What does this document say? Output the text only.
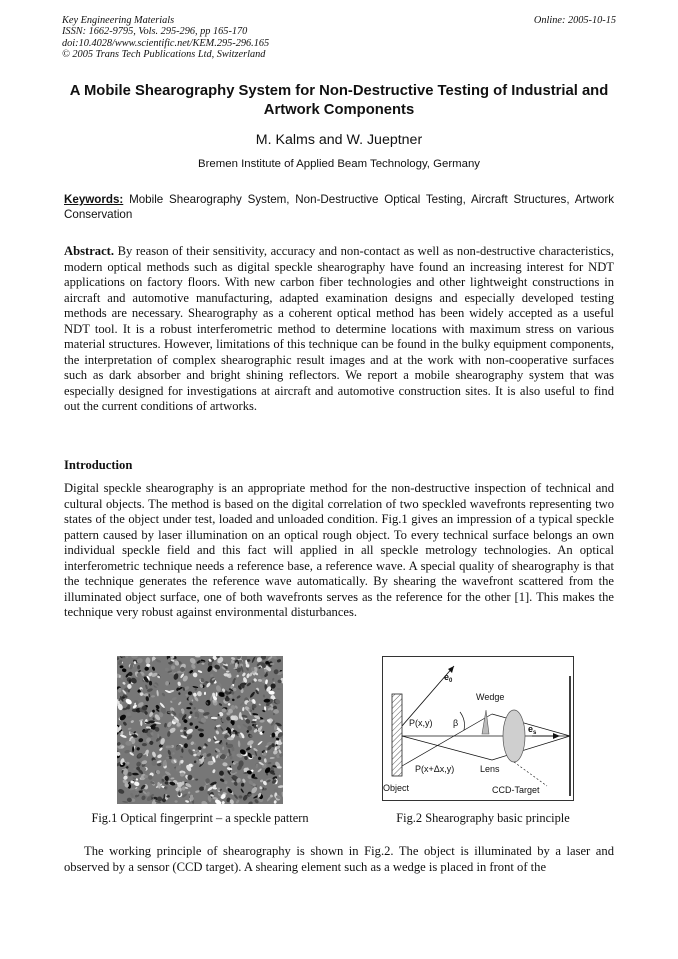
Key Engineering Materials
ISSN: 1662-9795, Vols. 295-296, pp 165-170
doi:10.4028/www.scientific.net/KEM.295-296.165
© 2005 Trans Tech Publications Ltd, Switzerland
Online: 2005-10-15
A Mobile Shearography System for Non-Destructive Testing of Industrial and Artwork Components
M. Kalms and W. Jueptner
Bremen Institute of Applied Beam Technology, Germany
Keywords: Mobile Shearography System, Non-Destructive Optical Testing, Aircraft Structures, Artwork Conservation
Abstract. By reason of their sensitivity, accuracy and non-contact as well as non-destructive characteristics, modern optical methods such as digital speckle shearography have found an increasing interest for NDT applications on factory floors. With new carbon fiber technologies and other lightweight constructions in aircraft and automotive manufacturing, adapted examination designs and especially developed testing methods are necessary. Shearography as a coherent optical method has been widely accepted as a useful NDT tool. It is a robust interferometric method to determine locations with maximum stress on various material structures. However, limitations of this technique can be found in the bulky equipment components, the interpretation of complex shearographic result images and at the work with non-cooperative surfaces such as dark absorber and bright shining reflectors. We report a mobile shearography system that was especially designed for investigations at aircraft and automotive construction sites. It is also useful to find out the current conditions of artworks.
Introduction
Digital speckle shearography is an appropriate method for the non-destructive inspection of technical and cultural objects. The method is based on the digital correlation of two speckled wavefronts representing two states of the object under test, loaded and unloaded condition. Fig.1 gives an impression of a typical speckle pattern caused by laser illumination on an optical rough object. To every technical surface belongs an own individual speckle field and this fact will applied in all speckle metrology technologies. An optical interferometric technique needs a reference base, a reference wave. A special quality of shearography is that the technique generates the reference wave automatically. By shearing the wavefront scattered from the illuminated object surface, one of both wavefronts serves as the reference for the other [1]. This makes the technique very robust against environmental disturbances.
$e_0$
Wedge
P(x,y) β
$e_s$
P(x+Δx,y)	Lens
Object	CCD-Target
Fig.1 Optical fingerprint – a speckle pattern	Fig.2 Shearography basic principle
The working principle of shearography is shown in Fig.2. The object is illuminated by a laser and observed by a sensor (CCD target). A shearing element such as a wedge is placed in front of the
